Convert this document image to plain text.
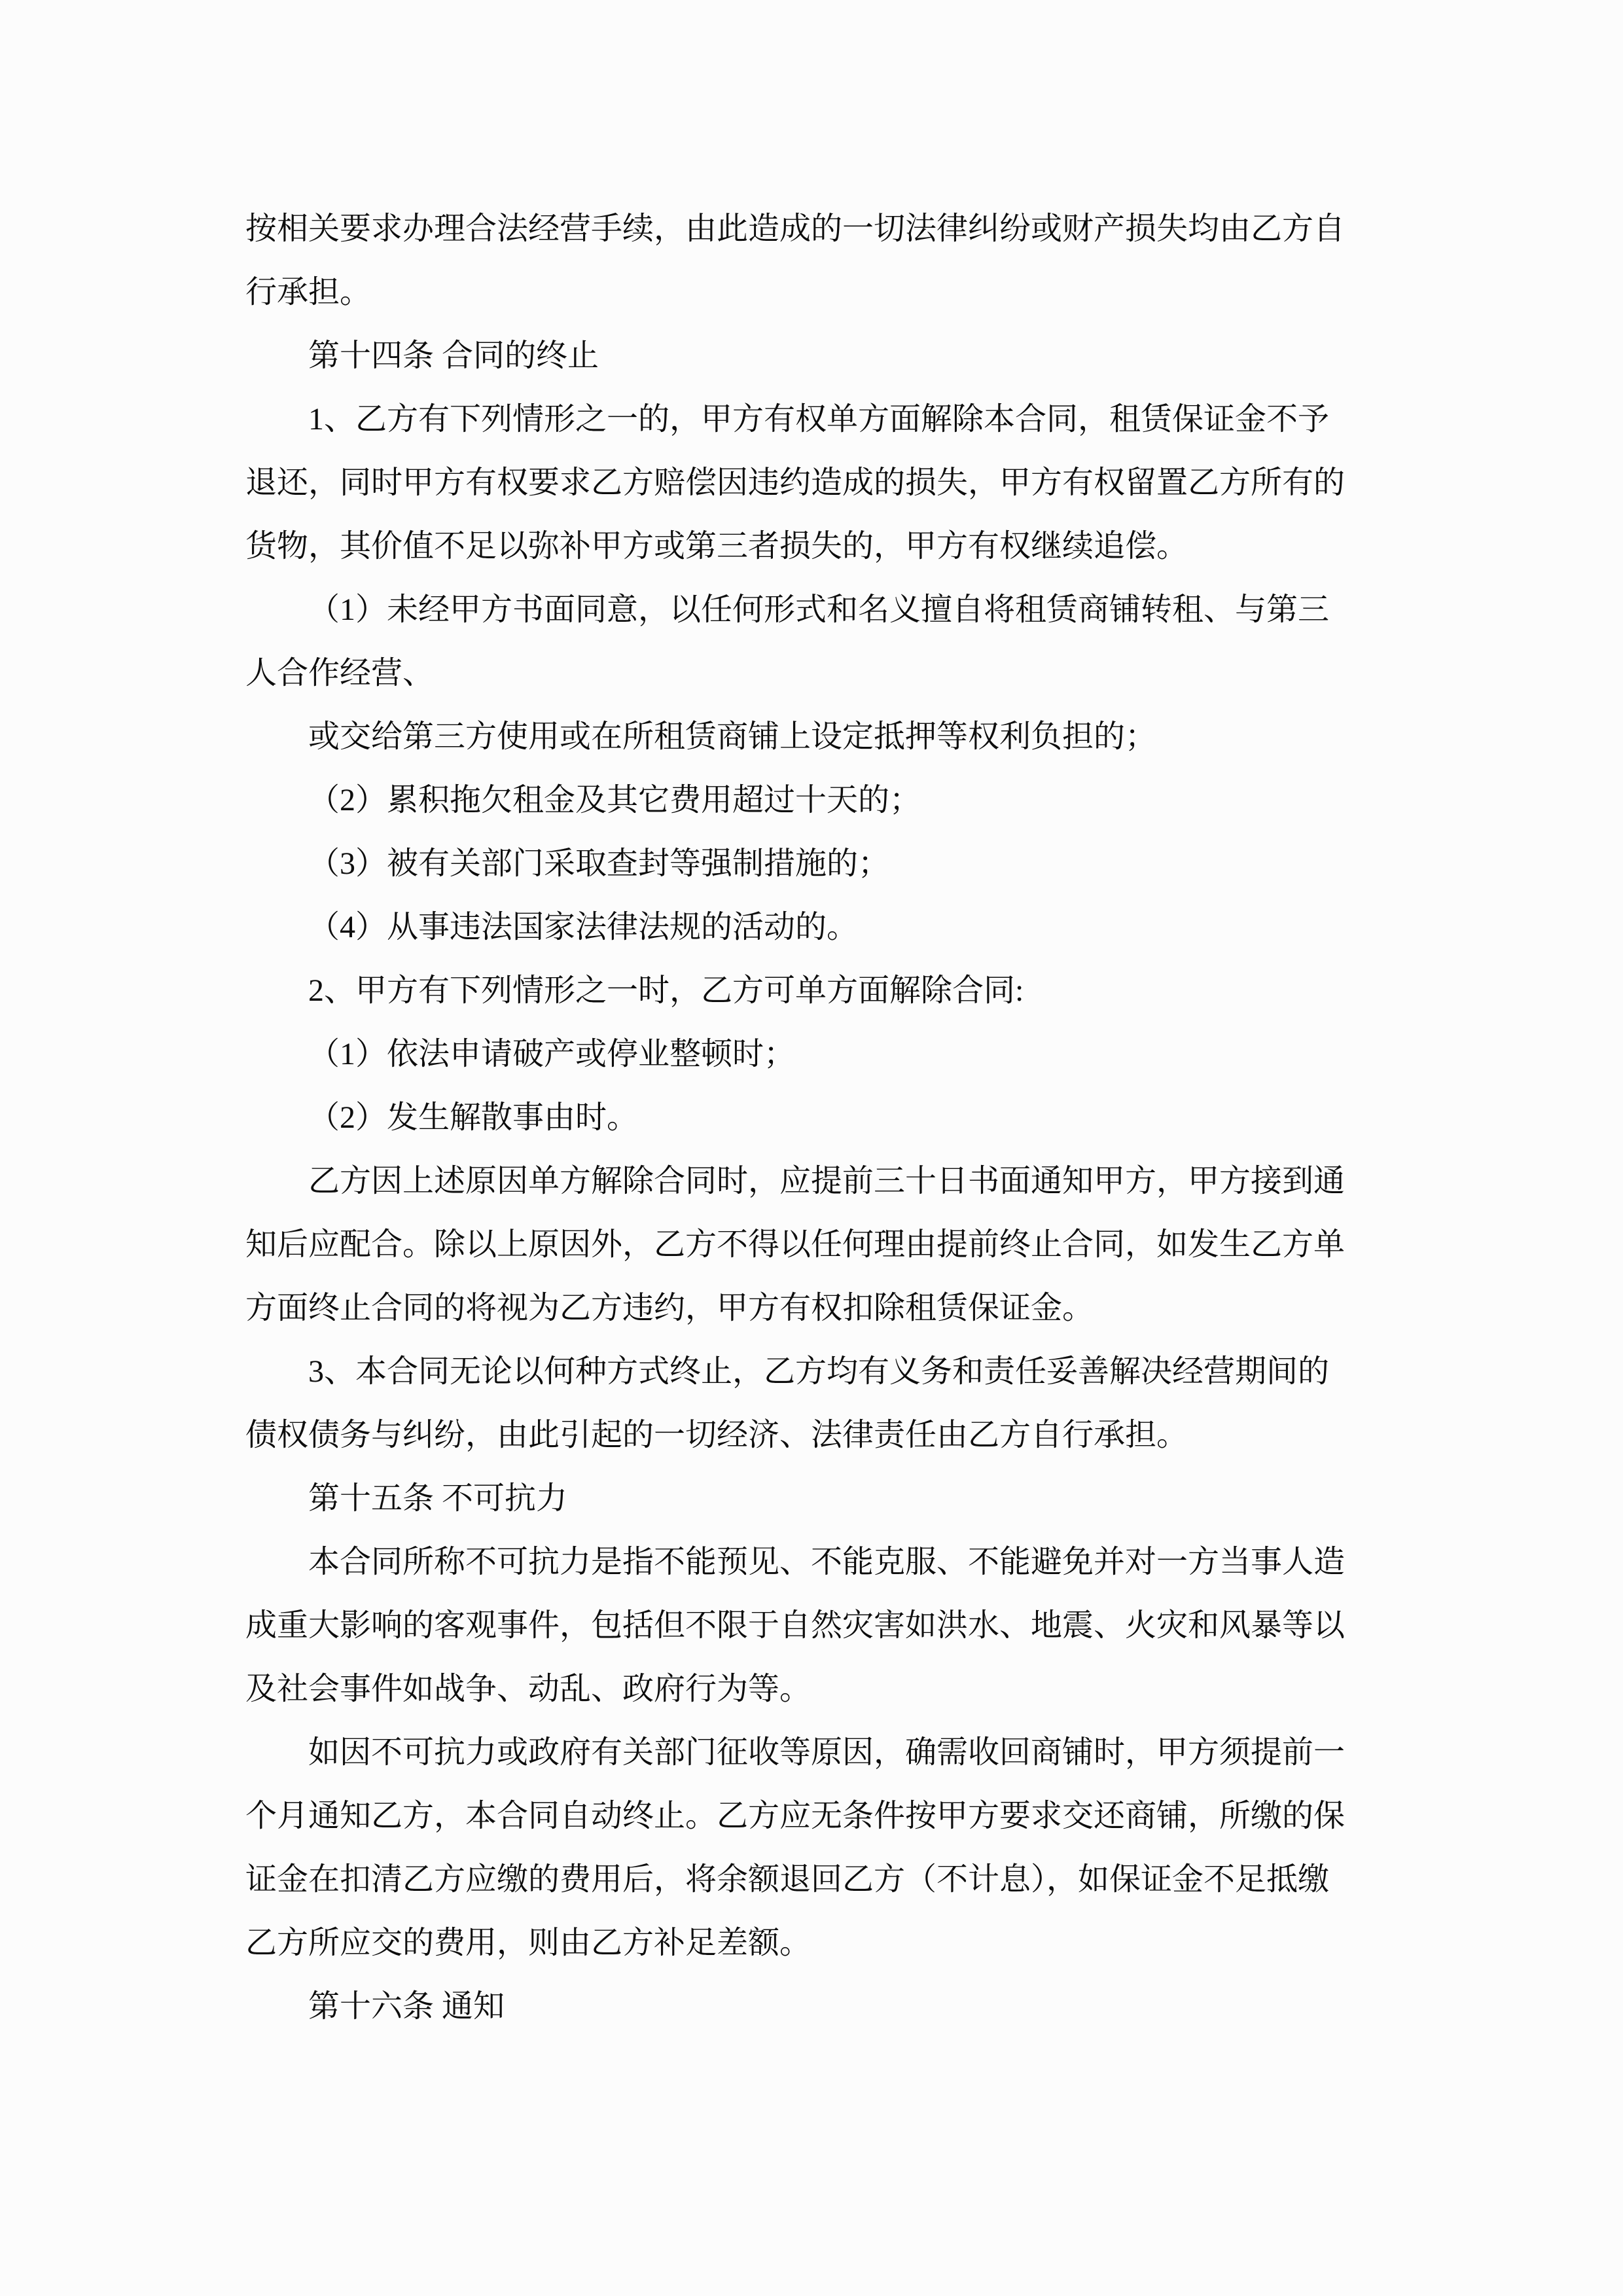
按相关要求办理合法经营手续，由此造成的一切法律纠纷或财产损失均由乙方自
行承担。
第十四条 合同的终止
1、乙方有下列情形之一的，甲方有权单方面解除本合同，租赁保证金不予
退还，同时甲方有权要求乙方赔偿因违约造成的损失，甲方有权留置乙方所有的
货物，其价值不足以弥补甲方或第三者损失的，甲方有权继续追偿。
（1）未经甲方书面同意，以任何形式和名义擅自将租赁商铺转租、与第三
人合作经营、
或交给第三方使用或在所租赁商铺上设定抵押等权利负担的；
（2）累积拖欠租金及其它费用超过十天的；
（3）被有关部门采取查封等强制措施的；
（4）从事违法国家法律法规的活动的。
2、甲方有下列情形之一时，乙方可单方面解除合同:
（1）依法申请破产或停业整顿时；
（2）发生解散事由时。
乙方因上述原因单方解除合同时，应提前三十日书面通知甲方，甲方接到通
知后应配合。除以上原因外，乙方不得以任何理由提前终止合同，如发生乙方单
方面终止合同的将视为乙方违约，甲方有权扣除租赁保证金。
3、本合同无论以何种方式终止，乙方均有义务和责任妥善解决经营期间的
债权债务与纠纷，由此引起的一切经济、法律责任由乙方自行承担。
第十五条 不可抗力
本合同所称不可抗力是指不能预见、不能克服、不能避免并对一方当事人造
成重大影响的客观事件，包括但不限于自然灾害如洪水、地震、火灾和风暴等以
及社会事件如战争、动乱、政府行为等。
如因不可抗力或政府有关部门征收等原因，确需收回商铺时，甲方须提前一
个月通知乙方，本合同自动终止。乙方应无条件按甲方要求交还商铺，所缴的保
证金在扣清乙方应缴的费用后，将余额退回乙方（不计息），如保证金不足抵缴
乙方所应交的费用，则由乙方补足差额。
第十六条 通知
